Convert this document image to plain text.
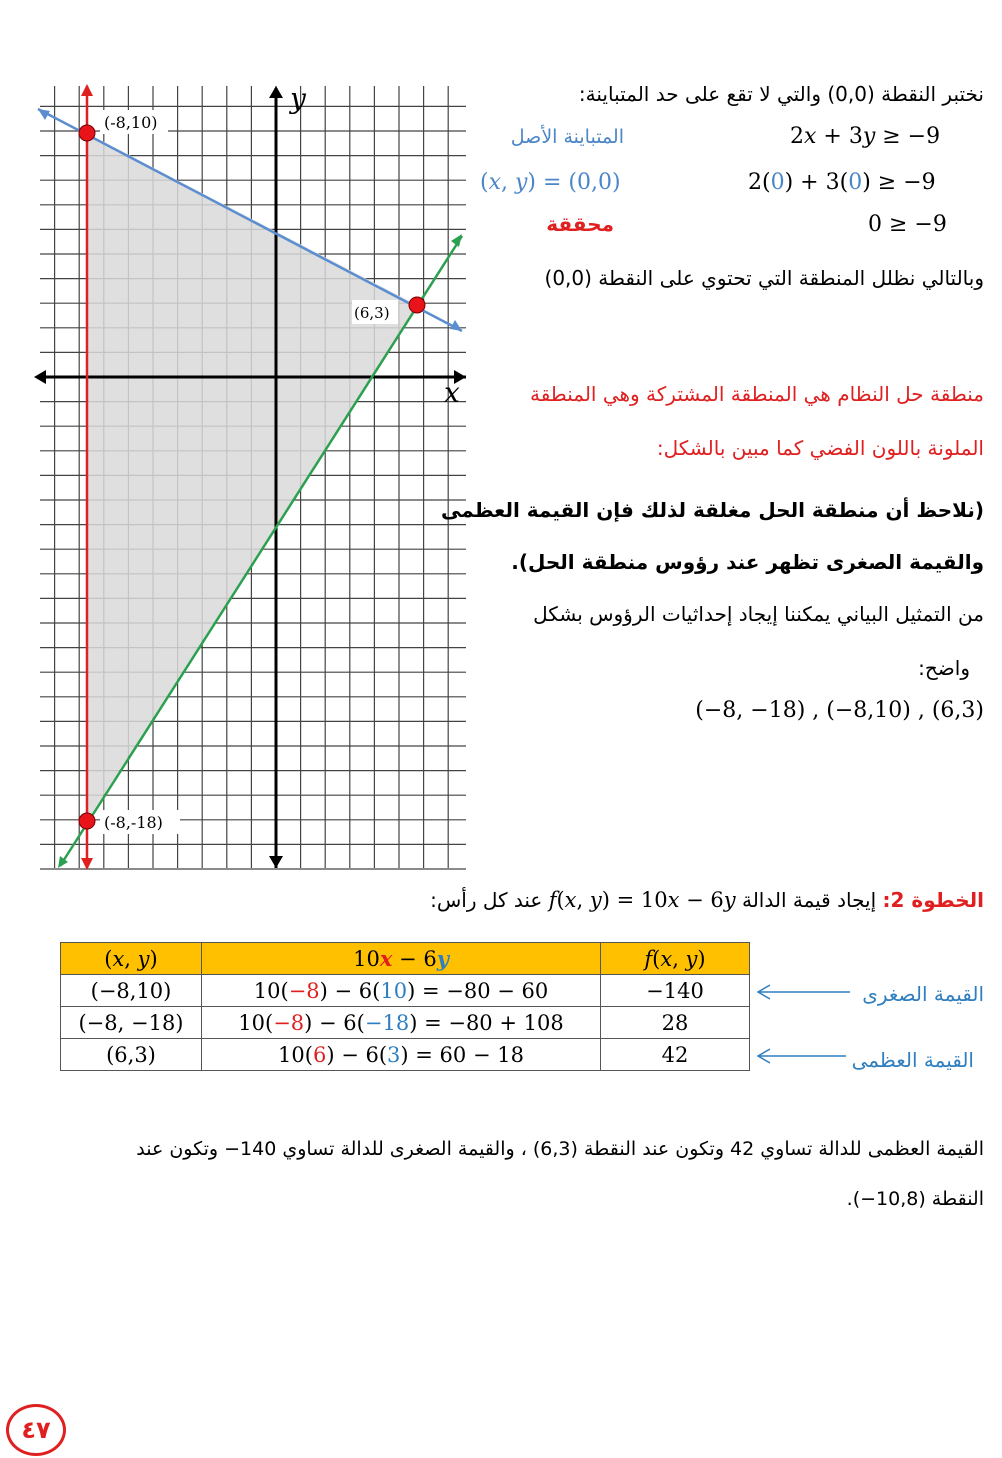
(-8,10)
(6,3)
(-8,-18)
y
x
نختبر النقطة (0,0) والتي لا تقع على حد المتباينة:
المتباينة الأصل	2𝑥 + 3𝑦 ≥ −9
(𝑥, 𝑦) = (0,0)	2(0) + 3(0) ≥ −9
محققة	0 ≥ −9
وبالتالي نظلل المنطقة التي تحتوي على النقطة (0,0)
منطقة حل النظام هي المنطقة المشتركة وهي المنطقة
الملونة باللون الفضي كما مبين بالشكل:
(نلاحظ أن منطقة الحل مغلقة لذلك فإن القيمة العظمى
والقيمة الصغرى تظهر عند رؤوس منطقة الحل).
من التمثيل البياني يمكننا إيجاد إحداثيات الرؤوس بشكل
واضح:
(−8, −18) , (−8,10) , (6,3)
الخطوة 2: إيجاد قيمة الدالة 𝑓(𝑥, 𝑦) = 10𝑥 − 6𝑦 عند كل رأس:
(𝑥, 𝑦)	10𝒙 − 6𝒚	𝑓(𝑥, 𝑦)
(−8,10)	10(−8) − 6(10) = −80 − 60	−140
(−8, −18)	10(−8) − 6(−18) = −80 + 108	28
(6,3)	10(6) − 6(3) = 60 − 18	42
القيمة الصغرى
القيمة العظمى
القيمة العظمى للدالة تساوي 42 وتكون عند النقطة (6,3) ، والقيمة الصغرى للدالة تساوي 140− وتكون عند
النقطة (10,8−).
٤٧
